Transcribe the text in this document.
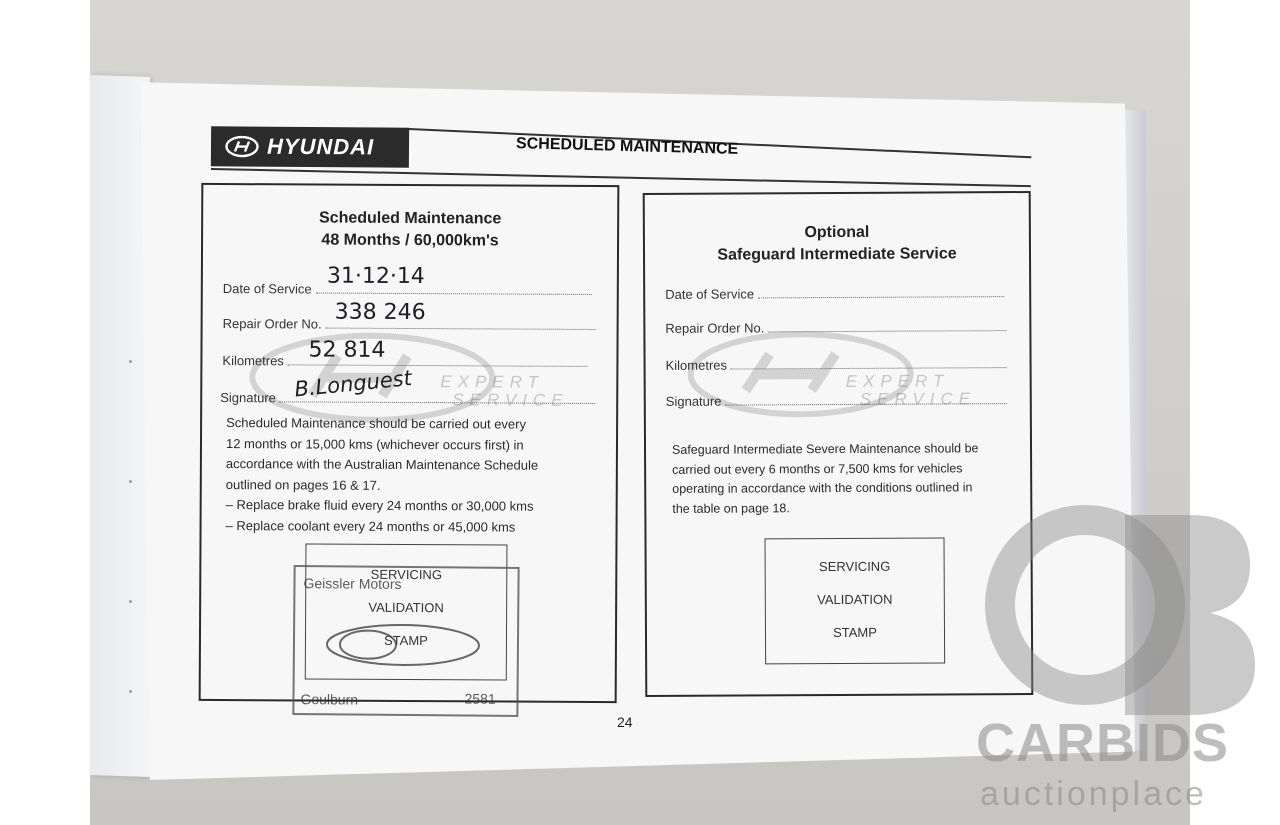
HYUNDAI	SCHEDULED MAINTENANCE
Scheduled Maintenance
48 Months / 60,000km's
EXPERT
SERVICE
Date of Service 31·12·14
Repair Order No. 338 246
Kilometres	52 814
Signature B.Longuest

Scheduled Maintenance should be carried out every

12 months or 15,000 kms (whichever occurs first) in

accordance with the Australian Maintenance Schedule

outlined on pages 16 & 17.

– Replace brake fluid every 24 months or 30,000 kms

– Replace coolant every 24 months or 45,000 kms

SERVICING
VALIDATION
STAMP
Geissler Motors
Goulburn	2581
Optional
Safeguard Intermediate Service
EXPERT
SERVICE
Date of Service
Repair Order No.
Kilometres
Signature

Safeguard Intermediate Severe Maintenance should be

carried out every 6 months or 7,500 kms for vehicles

operating in accordance with the conditions outlined in

the table on page 18.

SERVICING
VALIDATION
STAMP
24	CARBIDS
auctionplace
